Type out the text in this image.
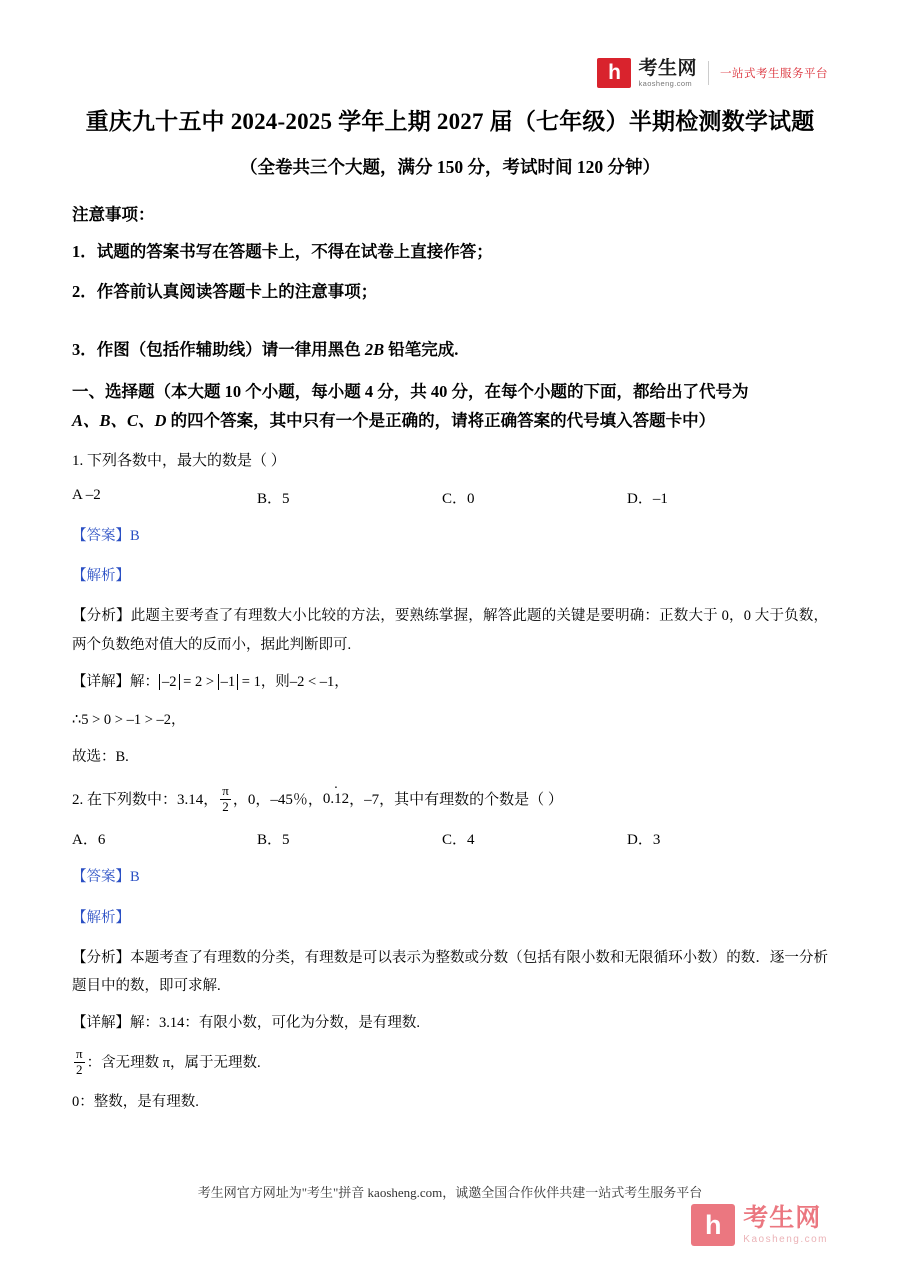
h 考生网
kaosheng.com
一站式考生服务平台
重庆九十五中 2024-2025 学年上期 2027 届（七年级）半期检测数学试题
（全卷共三个大题，满分 150 分，考试时间 120 分钟）
注意事项：
1．试题的答案书写在答题卡上，不得在试卷上直接作答；
2．作答前认真阅读答题卡上的注意事项；
3．作图（包括作辅助线）请一律用黑色 2B 铅笔完成.
一、选择题（本大题 10 个小题，每小题 4 分，共 40 分，在每个小题的下面，都给出了代号为
A、B、C、D 的四个答案，其中只有一个是正确的，请将正确答案的代号填入答题卡中）
1. 下列各数中，最大的数是（ ）
A –2	B．5	C．0	D．–1
【答案】B
【解析】
【分析】此题主要考查了有理数大小比较的方法，要熟练掌握，解答此题的关键是要明确：正数大于 0，0 大于负数，两个负数绝对值大的反而小，据此判断即可.
【详解】解： –2 = 2 > –1 = 1，则–2 < –1，
∴5 > 0 > –1 > –2，
故选：B.
2. 在下列数中：3.14， $\frac{\pi}{2}$ ，0，–45％，0.12 ·，–7，其中有理数的个数是（ ）
A．6	B．5	C．4	D．3
【答案】B
【解析】
【分析】本题考查了有理数的分类，有理数是可以表示为整数或分数（包括有限小数和无限循环小数）的数．逐一分析题目中的数，即可求解.
【详解】解：3.14：有限小数，可化为分数，是有理数.
$\frac{\pi}{2}$ ：含无理数 π，属于无理数.
0：整数，是有理数.
考生网官方网址为"考生"拼音 kaosheng.com，诚邀全国合作伙伴共建一站式考生服务平台
h 考生网
Kaosheng.com
